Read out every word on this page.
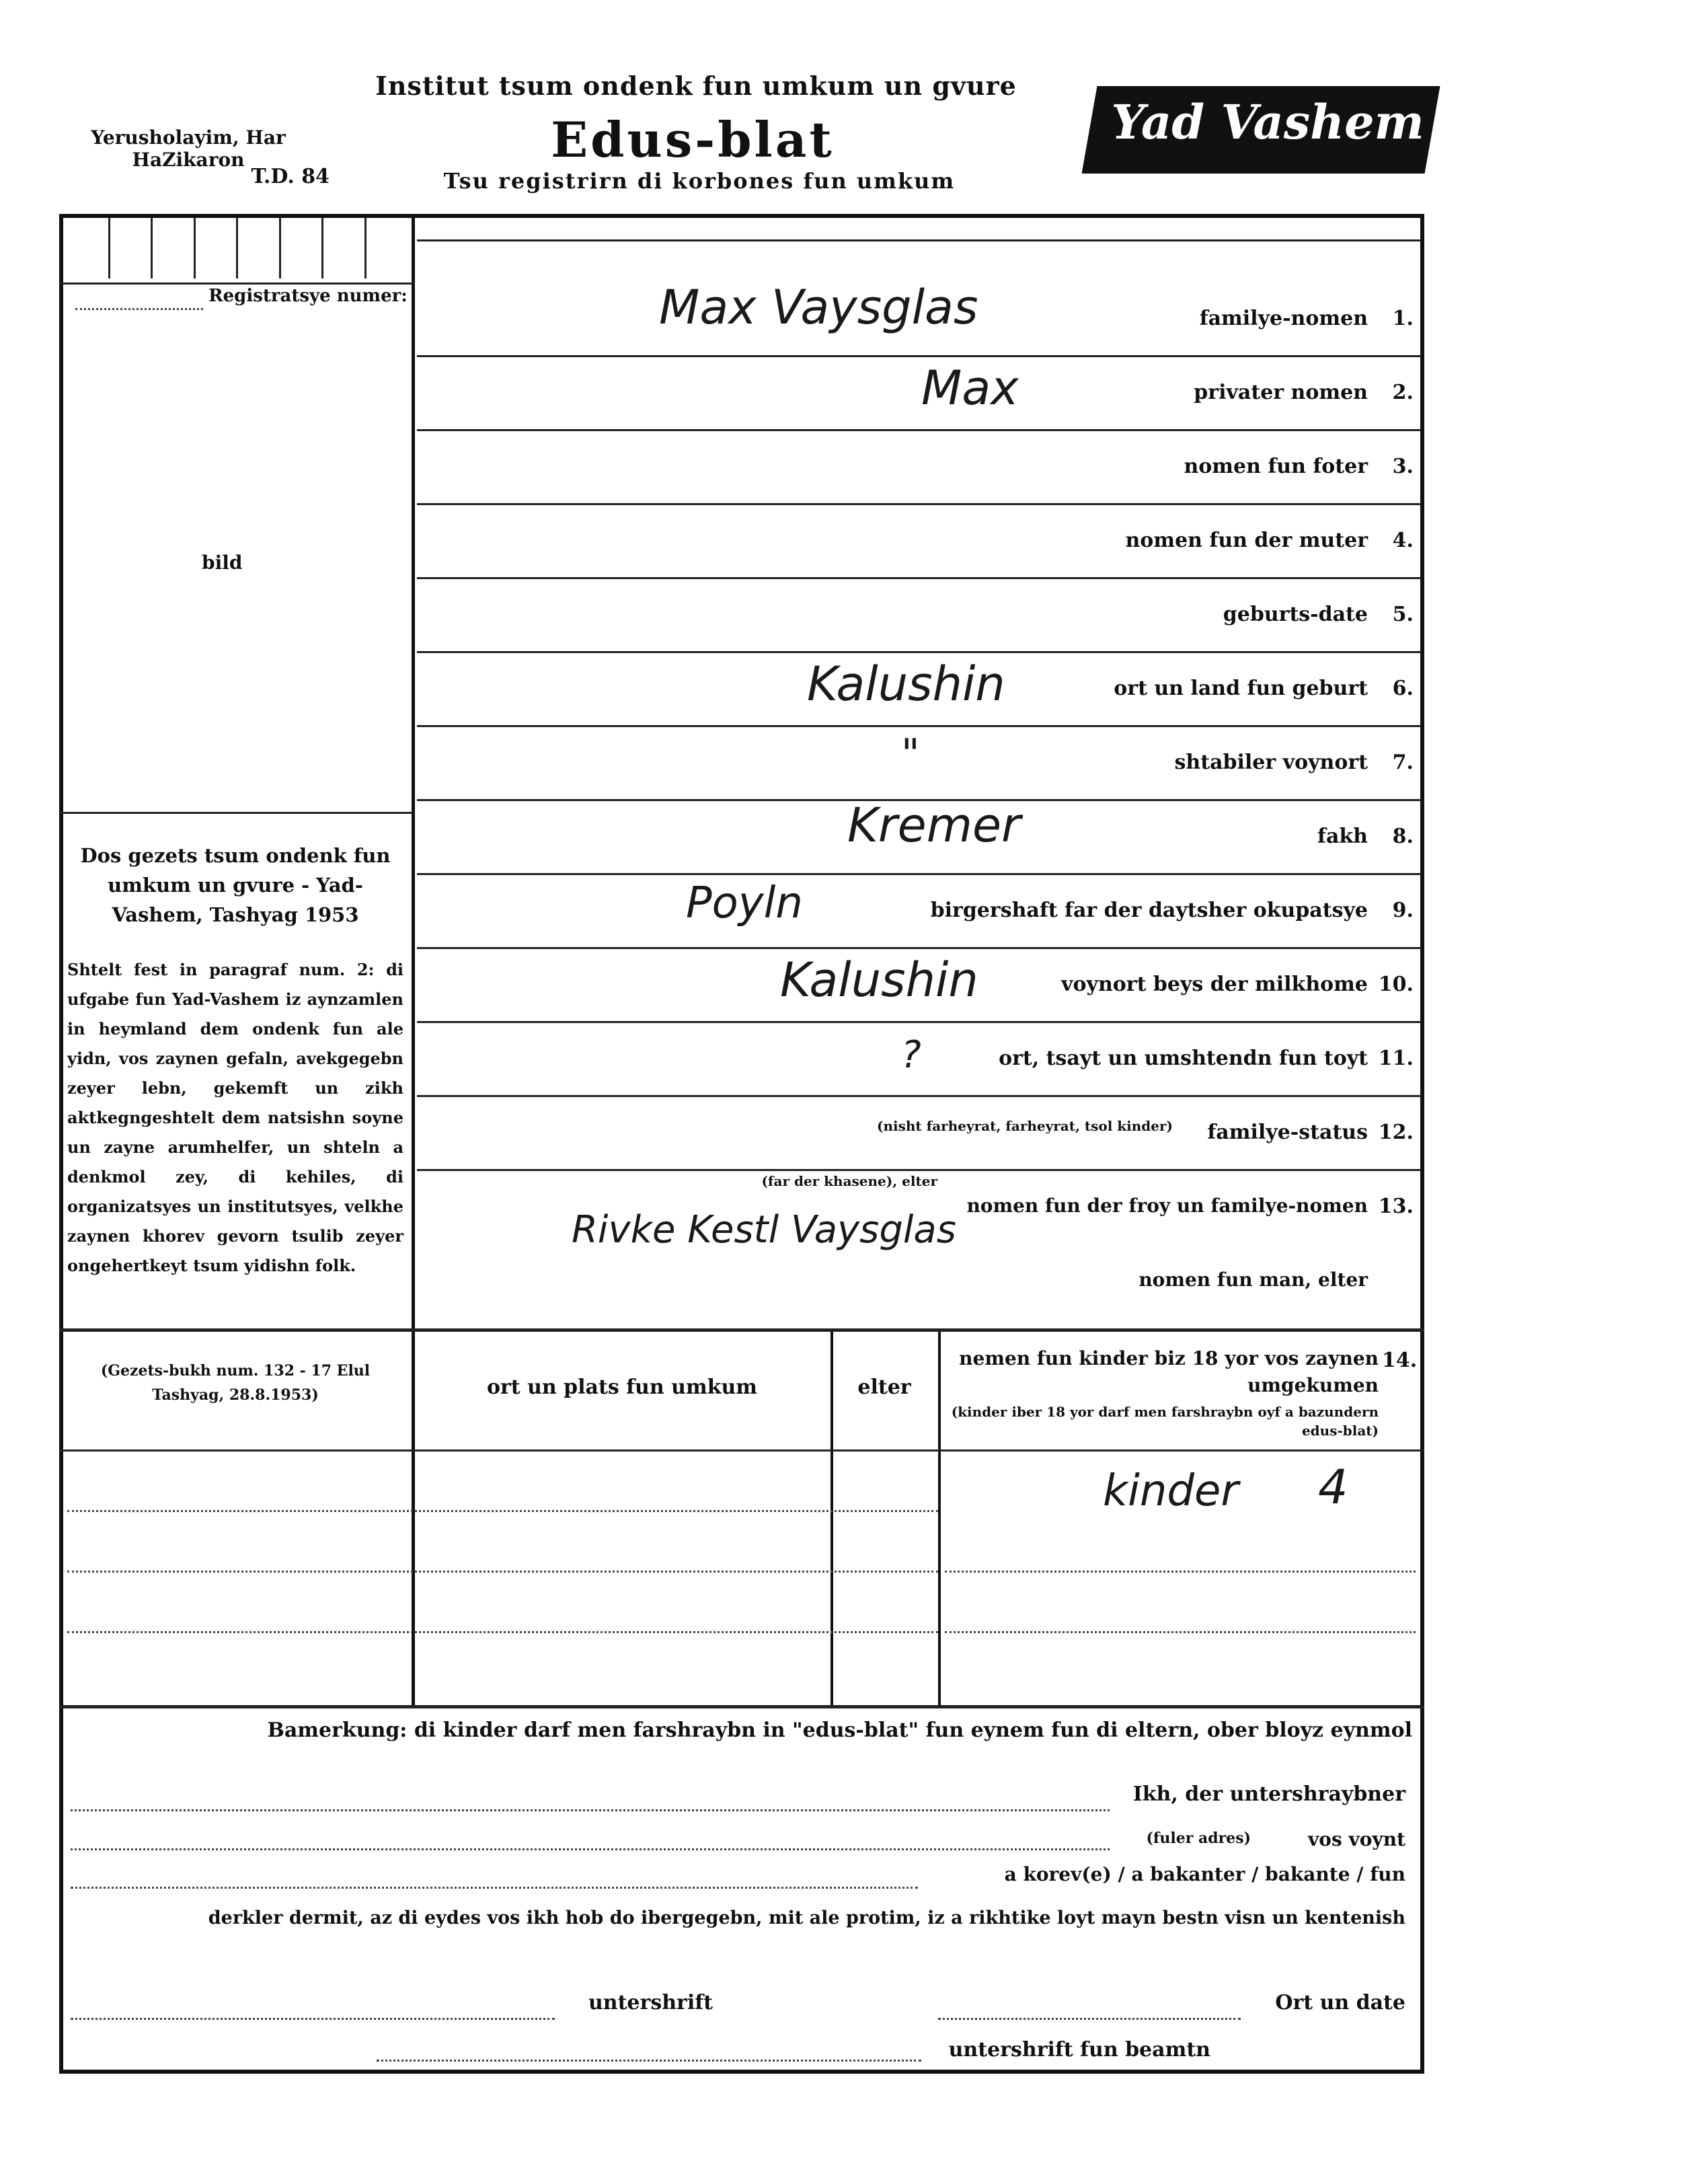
Yad Vashem
Institut tsum ondenk fun umkum un gvure
Edus-blat
Tsu registrirn di korbones fun umkum
Yerusholayim, Har HaZikaron
T.D. 84
Registratsye numer:
bild
Dos gezets tsum ondenk fun umkum un gvure - Yad-Vashem, Tashyag 1953
Shtelt fest in paragraf num. 2: di ufgabe fun Yad-Vashem iz aynzamlen in heymland dem ondenk fun ale yidn, vos zaynen gefaln, avekgegebn zeyer lebn, gekemft un zikh aktkegngeshtelt dem natsishn soyne un zayne arumhelfer, un shteln a denkmol zey, di kehiles, di organizatsyes un institutsyes, velkhe zaynen khorev gevorn tsulib zeyer ongehertkeyt tsum yidishn folk.
(Gezets-bukh num. 132 - 17 Elul Tashyag, 28.8.1953)
1.
familye-nomen
Max Vaysglas
2.
privater nomen
Max
3.
nomen fun foter
4.
nomen fun der muter
5.
geburts-date
6.
ort un land fun geburt
Kalushin
7.
shtabiler voynort
"
8.
fakh
Kremer
9.
birgershaft far der daytsher okupatsye
Poyln
10.
voynort beys der milkhome
Kalushin
11.
ort, tsayt un umshtendn fun toyt
?
12.
familye-status
(nisht farheyrat, farheyrat, tsol kinder)
13.
nomen fun der froy un familye-nomen
(far der khasene), elter
Rivke Kestl Vaysglas
nomen fun man, elter
14.
nemen fun kinder biz 18 yor vos zaynen umgekumen
(kinder iber 18 yor darf men farshraybn oyf a bazundern edus-blat)
elter
ort un plats fun umkum
4
kinder
Bamerkung: di kinder darf men farshraybn in "edus-blat" fun eynem fun di eltern, ober bloyz eynmol
Ikh, der untershraybner
vos voynt
(fuler adres)
a korev(e) / a bakanter / bakante / fun
derkler dermit, az di eydes vos ikh hob do ibergegebn, mit ale protim, iz a rikhtike loyt mayn bestn visn un kentenish
Ort un date
untershrift
untershrift fun beamtn
